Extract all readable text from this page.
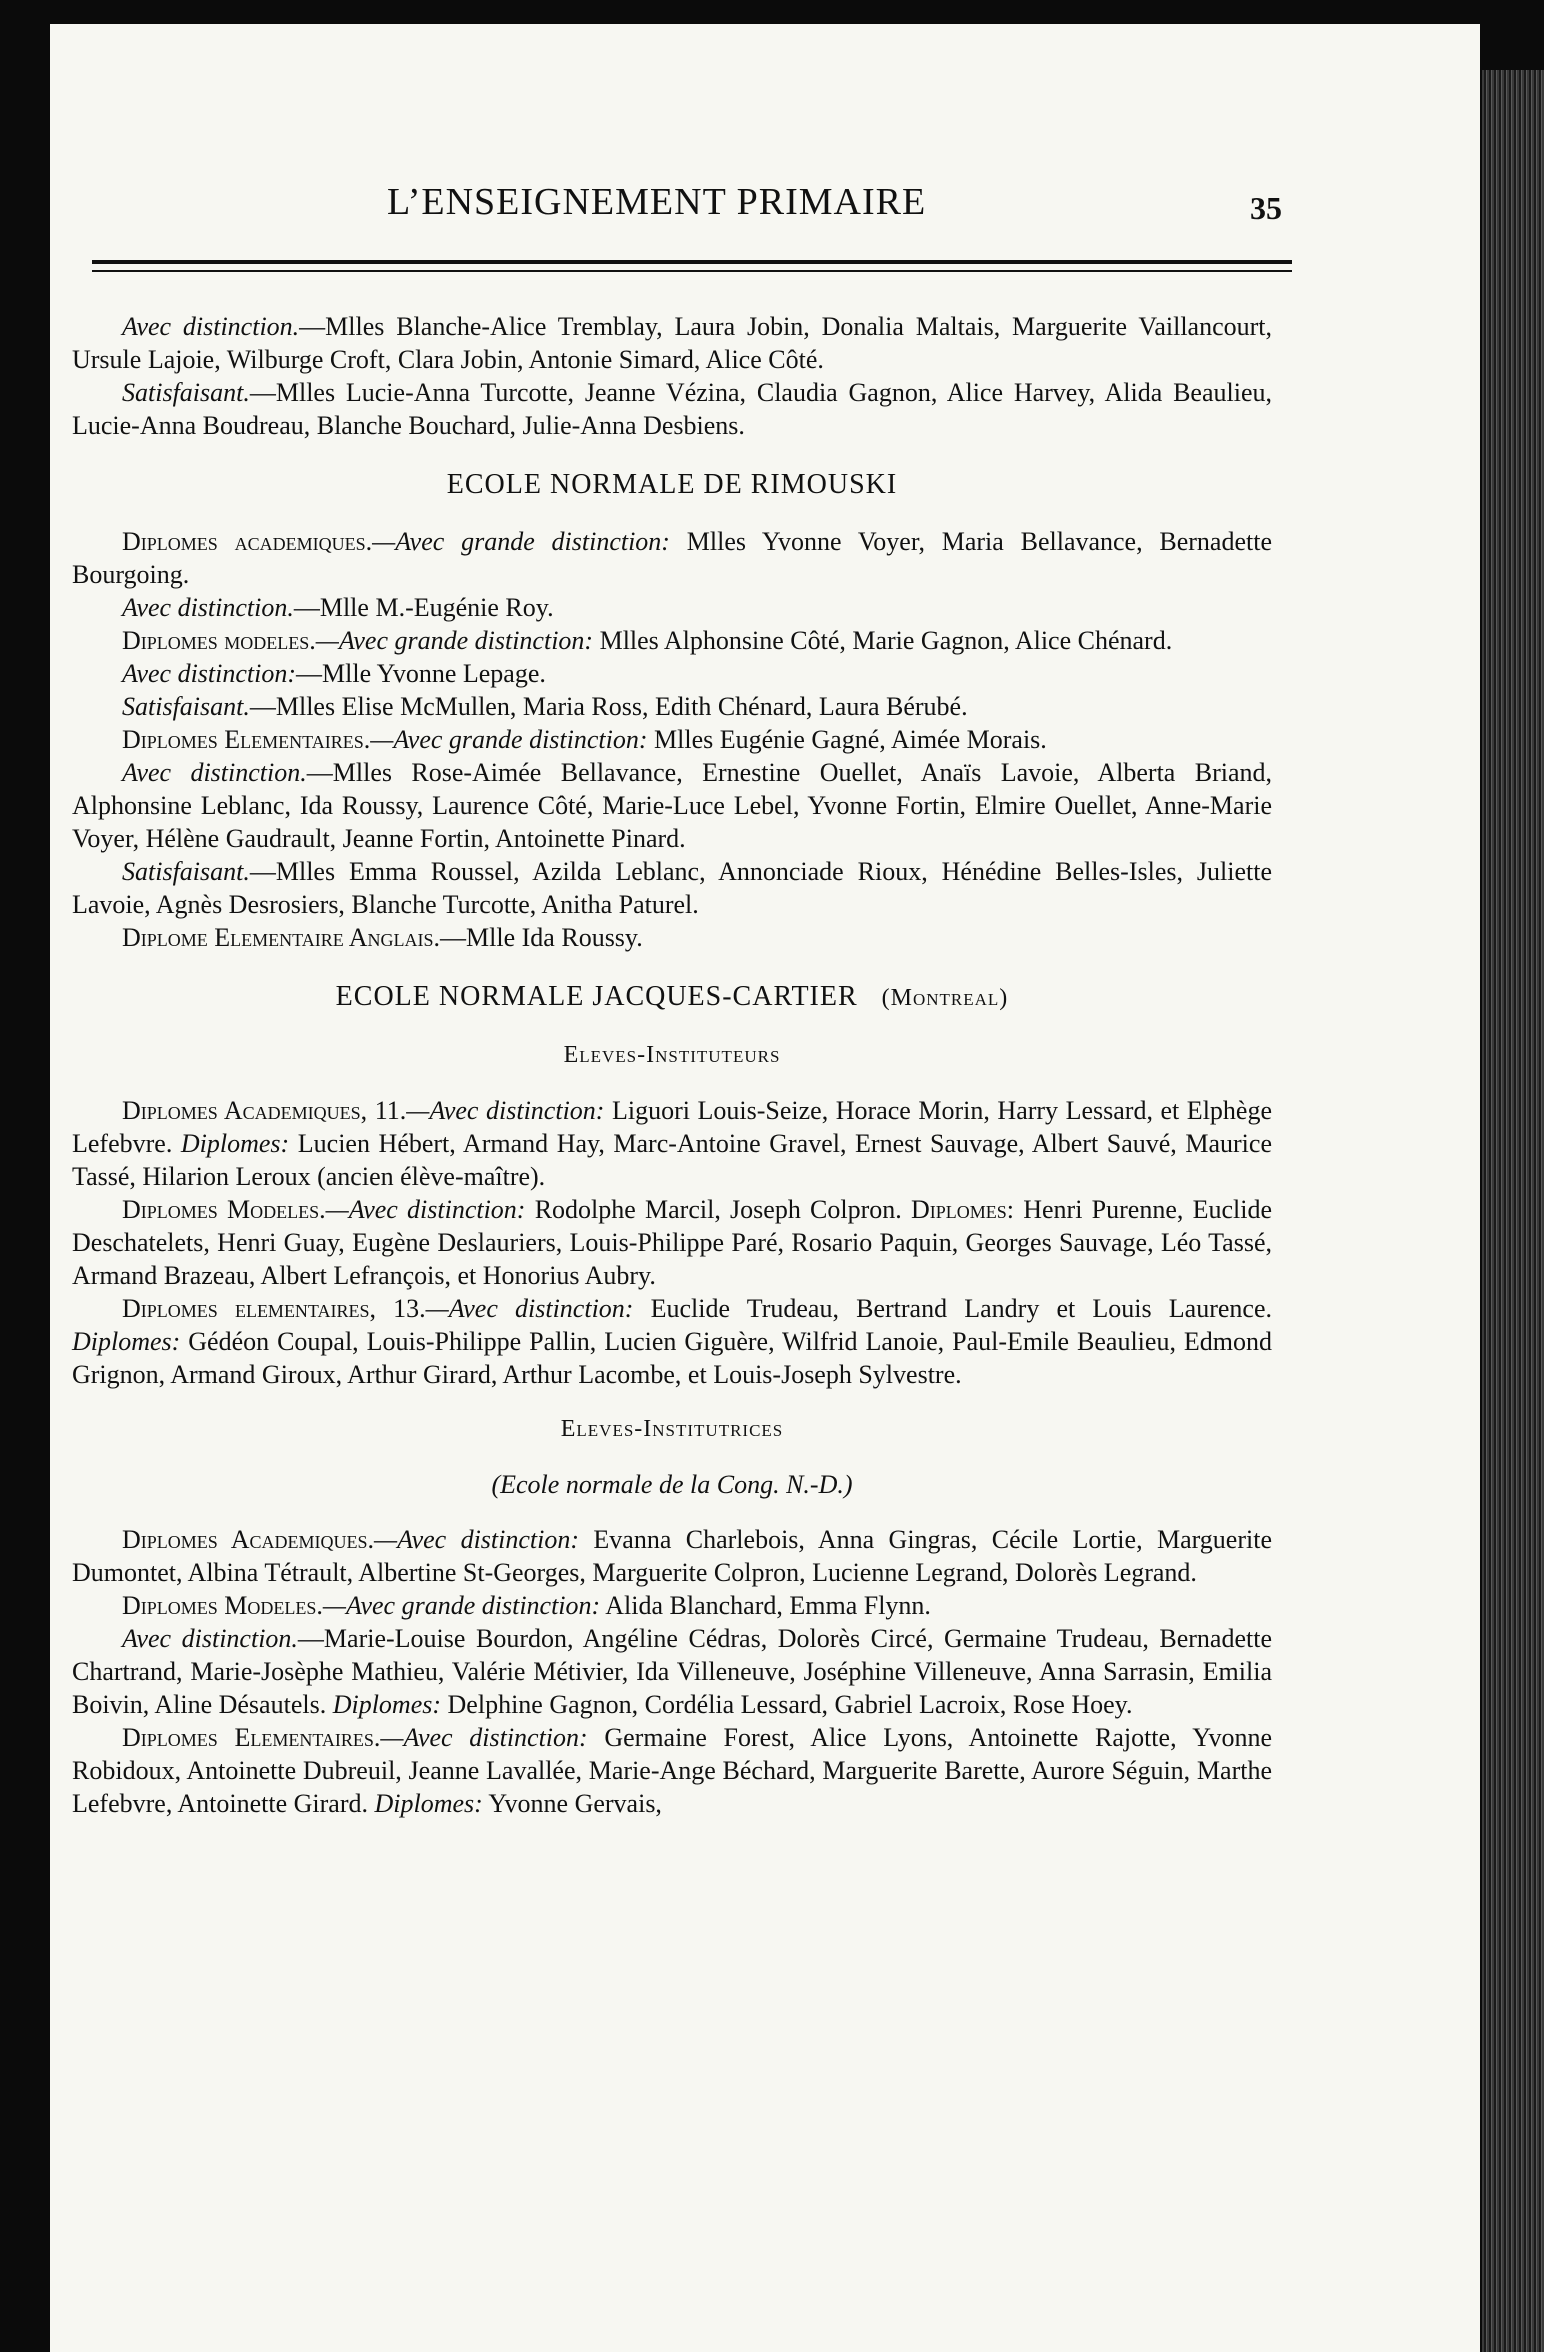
L’ENSEIGNEMENT PRIMAIRE	35

Avec distinction.—Mlles Blanche-Alice Tremblay, Laura Jobin, Donalia Maltais, Marguerite Vaillancourt, Ursule Lajoie, Wilburge Croft, Clara Jobin, Antonie Simard, Alice Côté.

Satisfaisant.—Mlles Lucie-Anna Turcotte, Jeanne Vézina, Claudia Gagnon, Alice Harvey, Alida Beaulieu, Lucie-Anna Boudreau, Blanche Bouchard, Julie-Anna Desbiens.

ECOLE NORMALE DE RIMOUSKI

Diplomes academiques.—Avec grande distinction: Mlles Yvonne Voyer, Maria Bellavance, Bernadette Bourgoing.

Avec distinction.—Mlle M.-Eugénie Roy.

Diplomes modeles.—Avec grande distinction: Mlles Alphonsine Côté, Marie Gagnon, Alice Chénard.

Avec distinction:—Mlle Yvonne Lepage.

Satisfaisant.—Mlles Elise McMullen, Maria Ross, Edith Chénard, Laura Bérubé.

Diplomes Elementaires.—Avec grande distinction: Mlles Eugénie Gagné, Aimée Morais.

Avec distinction.—Mlles Rose-Aimée Bellavance, Ernestine Ouellet, Anaïs Lavoie, Alberta Briand, Alphonsine Leblanc, Ida Roussy, Laurence Côté, Marie-Luce Lebel, Yvonne Fortin, Elmire Ouellet, Anne-Marie Voyer, Hélène Gaudrault, Jeanne Fortin, Antoinette Pinard.

Satisfaisant.—Mlles Emma Roussel, Azilda Leblanc, Annonciade Rioux, Hénédine Belles-Isles, Juliette Lavoie, Agnès Desrosiers, Blanche Turcotte, Anitha Paturel.

Diplome Elementaire Anglais.—Mlle Ida Roussy.

ECOLE NORMALE JACQUES-CARTIER (Montreal)
Eleves-Instituteurs

Diplomes Academiques, 11.—Avec distinction: Liguori Louis-Seize, Horace Morin, Harry Lessard, et Elphège Lefebvre. Diplomes: Lucien Hébert, Armand Hay, Marc-Antoine Gravel, Ernest Sauvage, Albert Sauvé, Maurice Tassé, Hilarion Leroux (ancien élève-maître).

Diplomes Modeles.—Avec distinction: Rodolphe Marcil, Joseph Colpron. Diplomes: Henri Purenne, Euclide Deschatelets, Henri Guay, Eugène Deslauriers, Louis-Philippe Paré, Rosario Paquin, Georges Sauvage, Léo Tassé, Armand Brazeau, Albert Lefrançois, et Honorius Aubry.

Diplomes elementaires, 13.—Avec distinction: Euclide Trudeau, Bertrand Landry et Louis Laurence. Diplomes: Gédéon Coupal, Louis-Philippe Pallin, Lucien Giguère, Wilfrid Lanoie, Paul-Emile Beaulieu, Edmond Grignon, Armand Giroux, Arthur Girard, Arthur Lacombe, et Louis-Joseph Sylvestre.

Eleves-Institutrices
(Ecole normale de la Cong. N.-D.)

Diplomes Academiques.—Avec distinction: Evanna Charlebois, Anna Gingras, Cécile Lortie, Marguerite Dumontet, Albina Tétrault, Albertine St-Georges, Marguerite Colpron, Lucienne Legrand, Dolorès Legrand.

Diplomes Modeles.—Avec grande distinction: Alida Blanchard, Emma Flynn.

Avec distinction.—Marie-Louise Bourdon, Angéline Cédras, Dolorès Circé, Germaine Trudeau, Bernadette Chartrand, Marie-Josèphe Mathieu, Valérie Métivier, Ida Villeneuve, Joséphine Villeneuve, Anna Sarrasin, Emilia Boivin, Aline Désautels. Diplomes: Delphine Gagnon, Cordélia Lessard, Gabriel Lacroix, Rose Hoey.

Diplomes Elementaires.—Avec distinction: Germaine Forest, Alice Lyons, Antoinette Rajotte, Yvonne Robidoux, Antoinette Dubreuil, Jeanne Lavallée, Marie-Ange Béchard, Marguerite Barette, Aurore Séguin, Marthe Lefebvre, Antoinette Girard. Diplomes: Yvonne Gervais,
